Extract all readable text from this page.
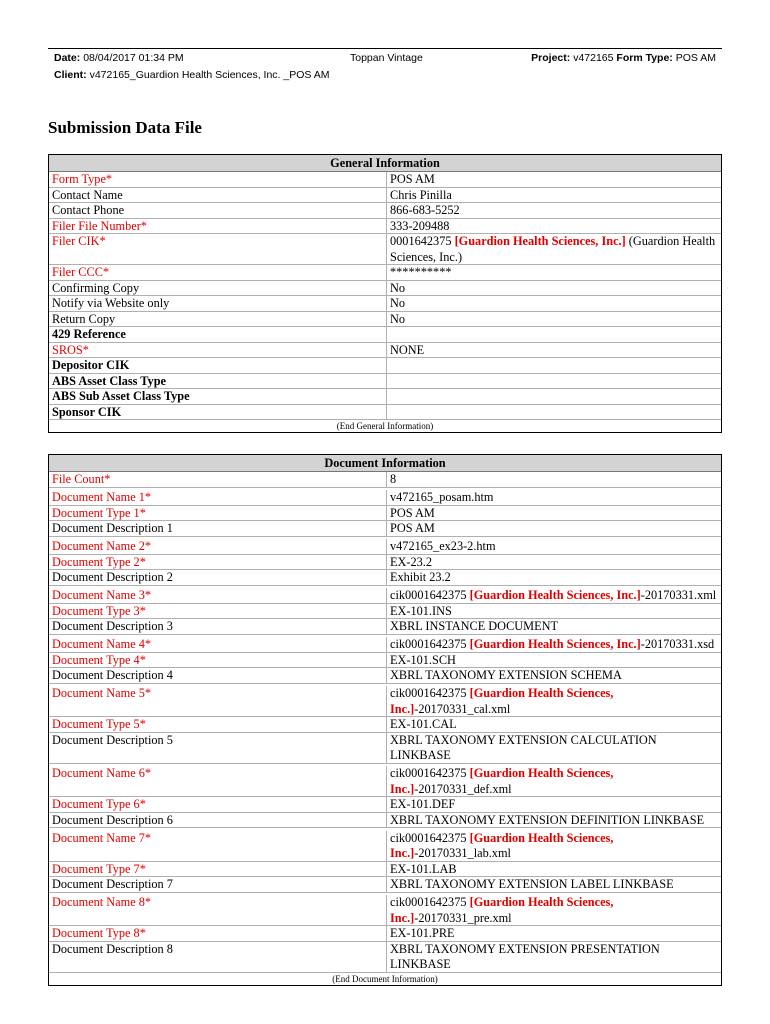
Date: 08/04/2017 01:34 PM	Toppan Vintage	Project: v472165 Form Type: POS AM
Client: v472165_Guardion Health Sciences, Inc. _POS AM
Submission Data File
General Information
Form Type*	POS AM
Contact Name	Chris Pinilla
Contact Phone	866-683-5252
Filer File Number*	333-209488
Filer CIK*	0001642375 [Guardion Health Sciences, Inc.] (Guardion Health Sciences, Inc.)
Filer CCC*	**********
Confirming Copy	No
Notify via Website only	No
Return Copy	No
429 Reference
SROS*	NONE
Depositor CIK
ABS Asset Class Type
ABS Sub Asset Class Type
Sponsor CIK
(End General Information)
Document Information
File Count*	8
Document Name 1*	v472165_posam.htm
Document Type 1*	POS AM
Document Description 1	POS AM
Document Name 2*	v472165_ex23-2.htm
Document Type 2*	EX-23.2
Document Description 2	Exhibit 23.2
Document Name 3*	cik0001642375 [Guardion Health Sciences, Inc.]-20170331.xml
Document Type 3*	EX-101.INS
Document Description 3	XBRL INSTANCE DOCUMENT
Document Name 4*	cik0001642375 [Guardion Health Sciences, Inc.]-20170331.xsd
Document Type 4*	EX-101.SCH
Document Description 4	XBRL TAXONOMY EXTENSION SCHEMA
Document Name 5*	cik0001642375 [Guardion Health Sciences, Inc.]-20170331_cal.xml
Document Type 5*	EX-101.CAL
Document Description 5	XBRL TAXONOMY EXTENSION CALCULATION LINKBASE
Document Name 6*	cik0001642375 [Guardion Health Sciences, Inc.]-20170331_def.xml
Document Type 6*	EX-101.DEF
Document Description 6	XBRL TAXONOMY EXTENSION DEFINITION LINKBASE
Document Name 7*	cik0001642375 [Guardion Health Sciences, Inc.]-20170331_lab.xml
Document Type 7*	EX-101.LAB
Document Description 7	XBRL TAXONOMY EXTENSION LABEL LINKBASE
Document Name 8*	cik0001642375 [Guardion Health Sciences, Inc.]-20170331_pre.xml
Document Type 8*	EX-101.PRE
Document Description 8	XBRL TAXONOMY EXTENSION PRESENTATION LINKBASE
(End Document Information)
